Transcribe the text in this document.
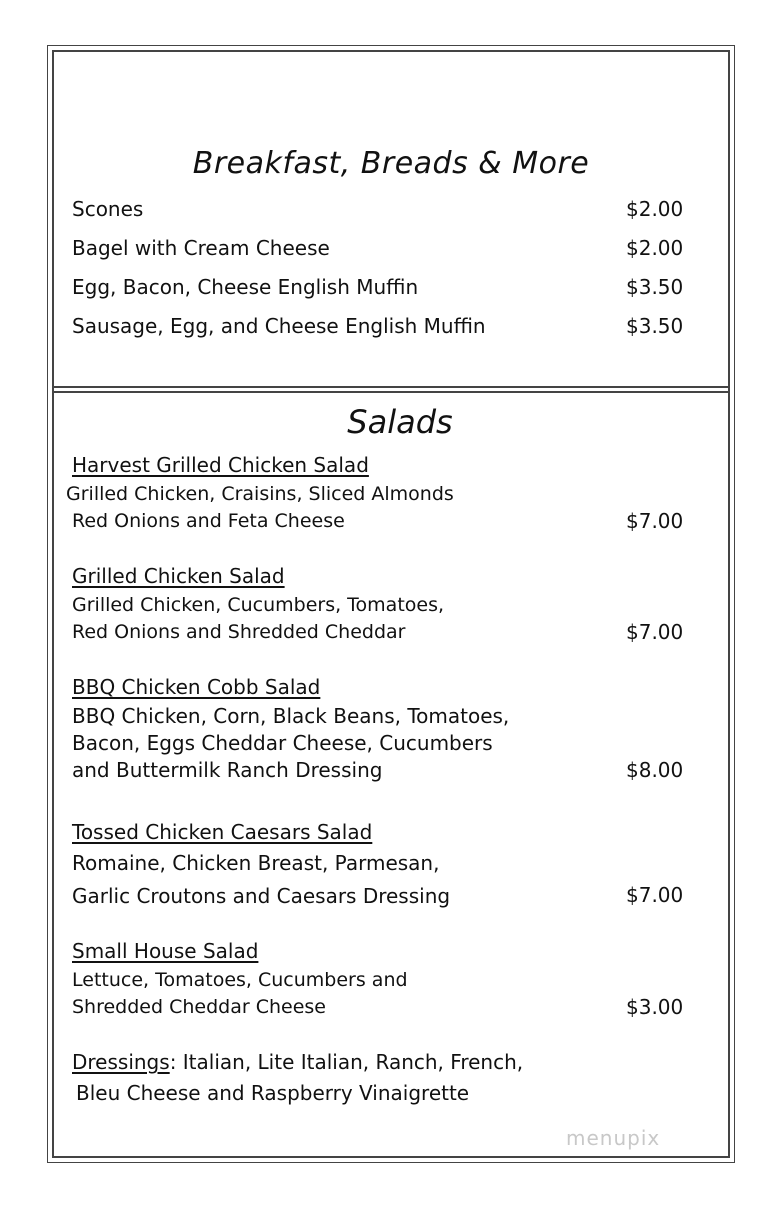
Breakfast, Breads & More
Scones	$2.00
Bagel with Cream Cheese	$2.00
Egg, Bacon, Cheese English Muffin	$3.50
Sausage, Egg, and Cheese English Muffin	$3.50
Salads
Harvest Grilled Chicken Salad
Grilled Chicken, Craisins, Sliced Almonds
Red Onions and Feta Cheese	$7.00
Grilled Chicken Salad
Grilled Chicken, Cucumbers, Tomatoes,
Red Onions and Shredded Cheddar	$7.00
BBQ Chicken Cobb Salad
BBQ Chicken, Corn, Black Beans, Tomatoes,
Bacon, Eggs Cheddar Cheese, Cucumbers
and Buttermilk Ranch Dressing	$8.00
Tossed Chicken Caesars Salad
Romaine, Chicken Breast, Parmesan,
Garlic Croutons and Caesars Dressing	$7.00
Small House Salad
Lettuce, Tomatoes, Cucumbers and
Shredded Cheddar Cheese	$3.00
Dressings: Italian, Lite Italian, Ranch, French,
Bleu Cheese and Raspberry Vinaigrette
menupix
